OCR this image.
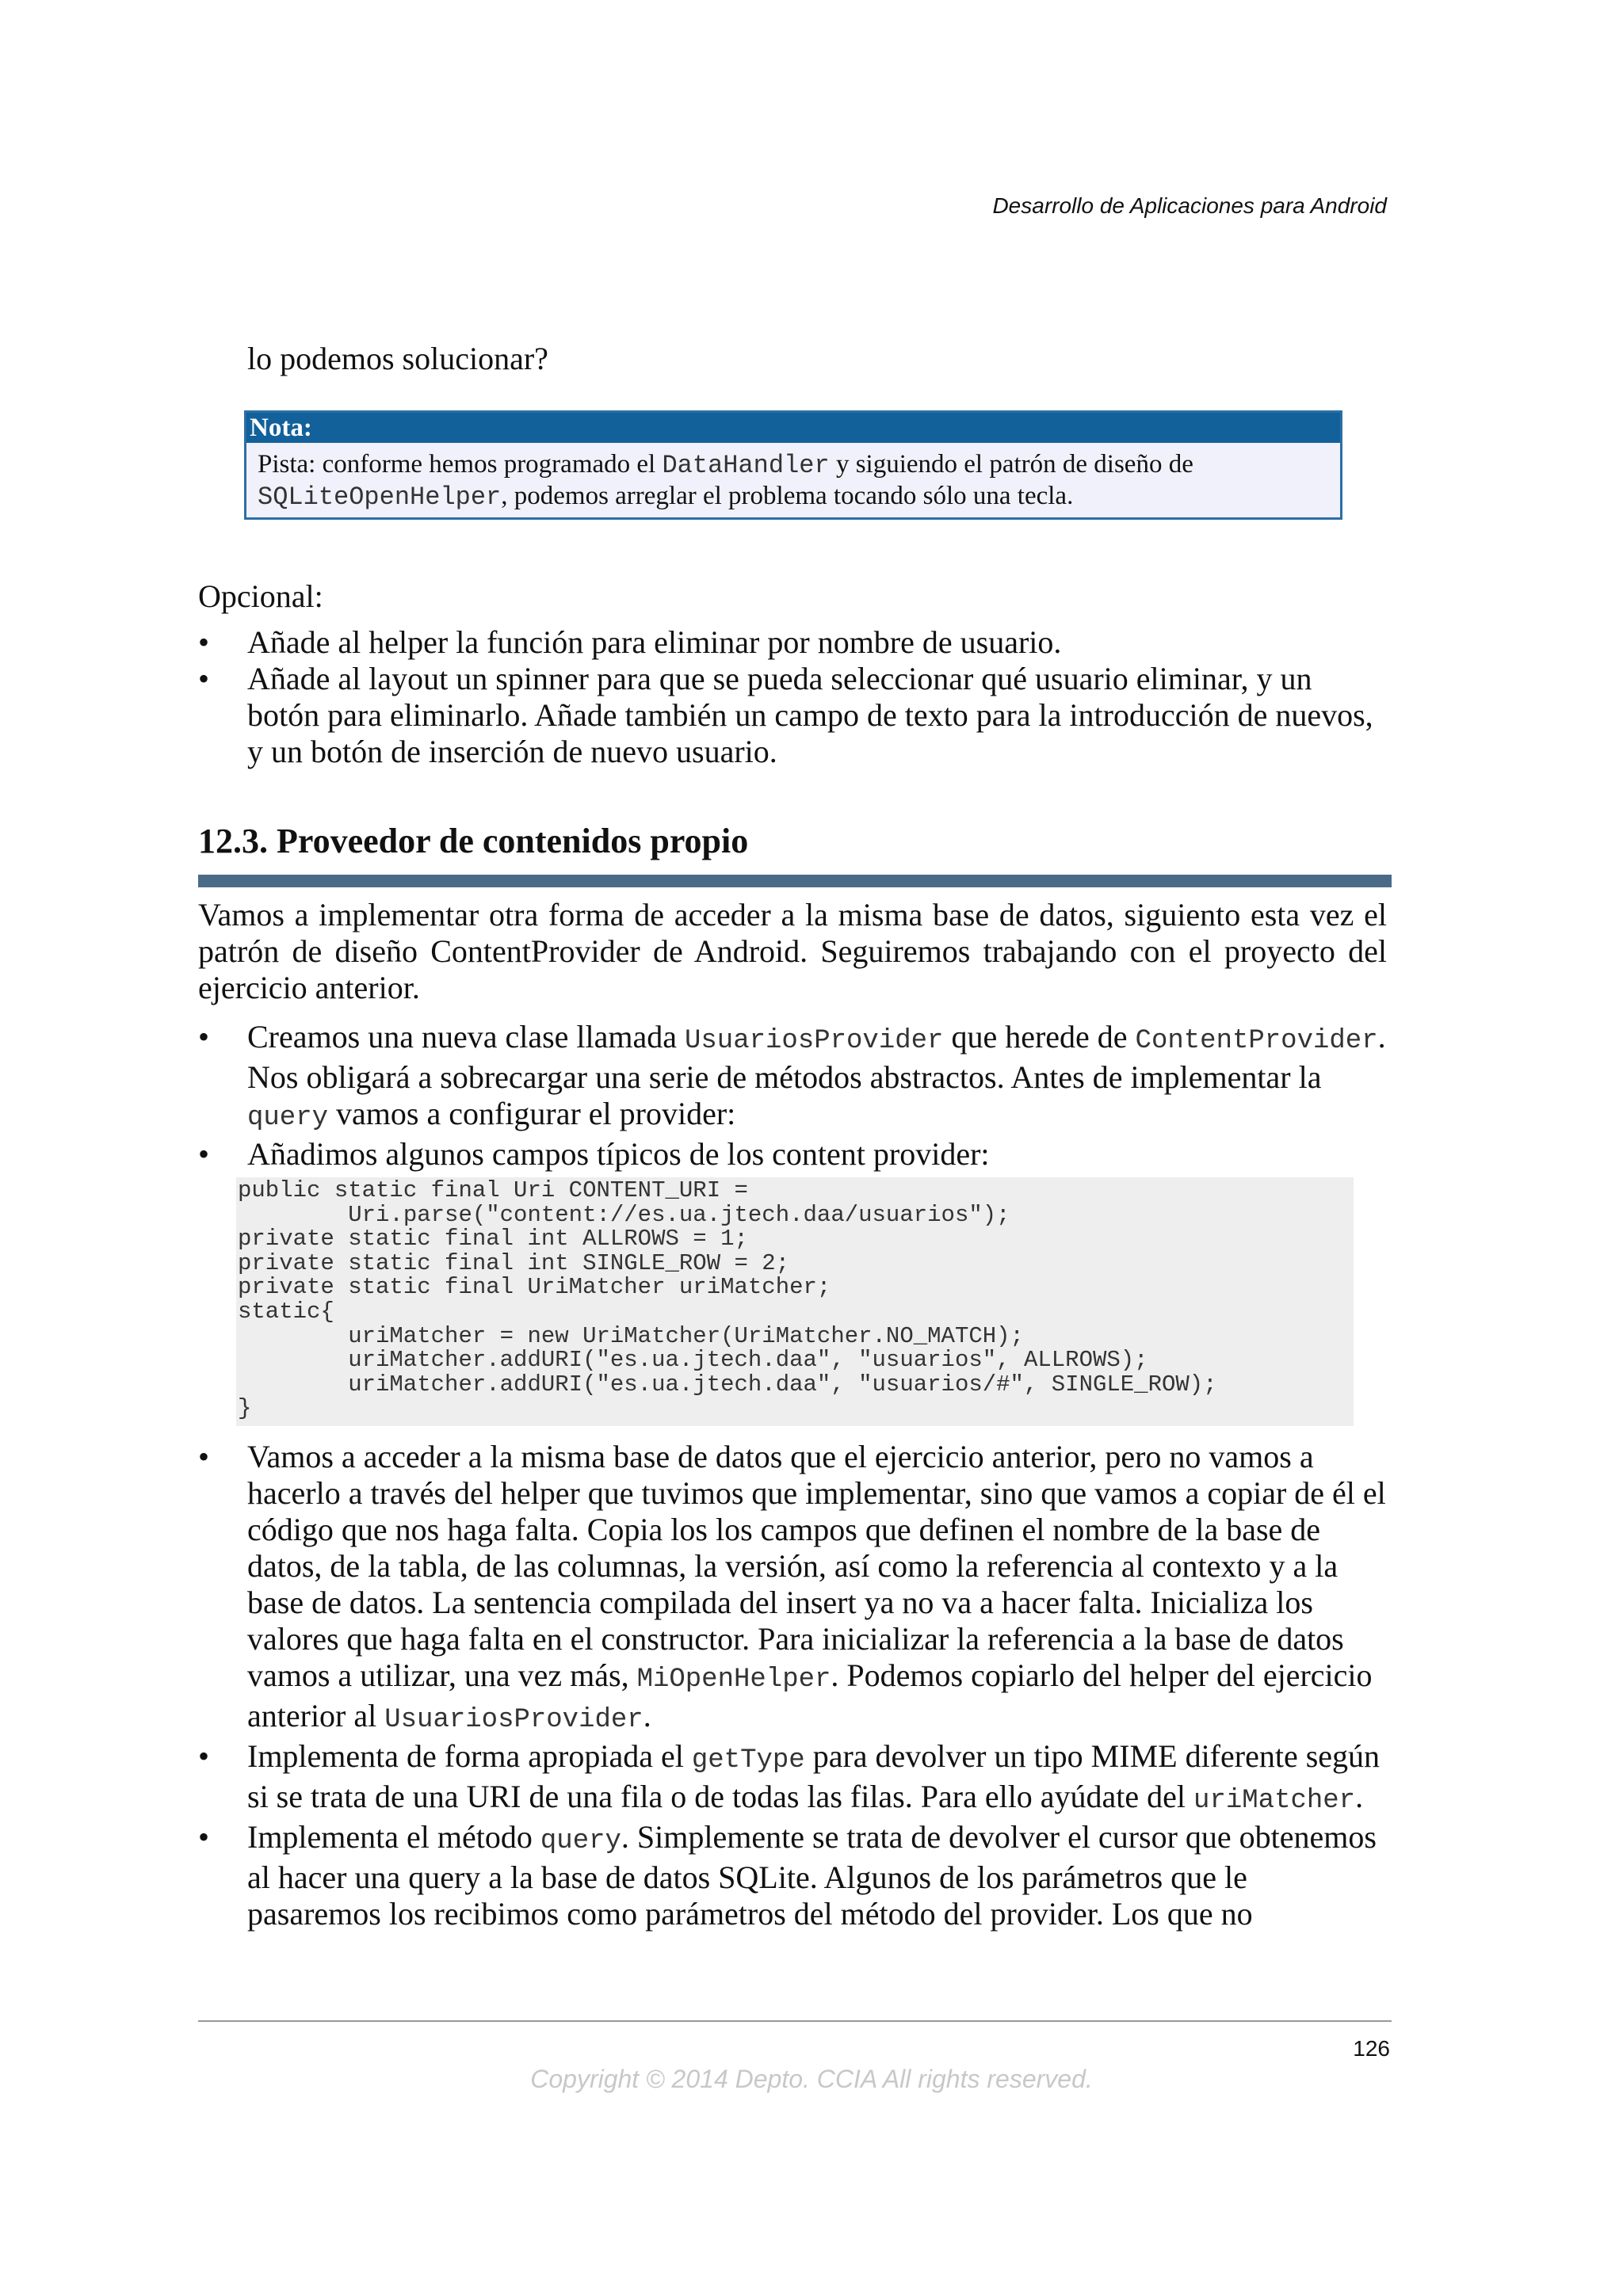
Desarrollo de Aplicaciones para Android
lo podemos solucionar?
Nota:
Pista: conforme hemos programado el DataHandler y siguiendo el patrón de diseño de
SQLiteOpenHelper, podemos arreglar el problema tocando sólo una tecla.
Opcional:
• Añade al helper la función para eliminar por nombre de usuario.
• Añade al layout un spinner para que se pueda seleccionar qué usuario eliminar, y un botón para eliminarlo. Añade también un campo de texto para la introducción de nuevos, y un botón de inserción de nuevo usuario.
12.3. Proveedor de contenidos propio
Vamos a implementar otra forma de acceder a la misma base de datos, siguiento esta vez el patrón de diseño ContentProvider de Android. Seguiremos trabajando con el proyecto del ejercicio anterior.
• Creamos una nueva clase llamada UsuariosProvider que herede de ContentProvider. Nos obligará a sobrecargar una serie de métodos abstractos. Antes de implementar la query vamos a configurar el provider:
• Añadimos algunos campos típicos de los content provider:
public static final Uri CONTENT_URI =
Uri.parse("content://es.ua.jtech.daa/usuarios");
private static final int ALLROWS = 1;
private static final int SINGLE_ROW = 2;
private static final UriMatcher uriMatcher;
static{
uriMatcher = new UriMatcher(UriMatcher.NO_MATCH);
uriMatcher.addURI("es.ua.jtech.daa", "usuarios", ALLROWS);
uriMatcher.addURI("es.ua.jtech.daa", "usuarios/#", SINGLE_ROW);
}
• Vamos a acceder a la misma base de datos que el ejercicio anterior, pero no vamos a hacerlo a través del helper que tuvimos que implementar, sino que vamos a copiar de él el código que nos haga falta. Copia los los campos que definen el nombre de la base de datos, de la tabla, de las columnas, la versión, así como la referencia al contexto y a la base de datos. La sentencia compilada del insert ya no va a hacer falta. Inicializa los valores que haga falta en el constructor. Para inicializar la referencia a la base de datos vamos a utilizar, una vez más, MiOpenHelper. Podemos copiarlo del helper del ejercicio anterior al UsuariosProvider.
• Implementa de forma apropiada el getType para devolver un tipo MIME diferente según si se trata de una URI de una fila o de todas las filas. Para ello ayúdate del uriMatcher.
• Implementa el método query. Simplemente se trata de devolver el cursor que obtenemos al hacer una query a la base de datos SQLite. Algunos de los parámetros que le pasaremos los recibimos como parámetros del método del provider. Los que no
126
Copyright © 2014 Depto. CCIA All rights reserved.
